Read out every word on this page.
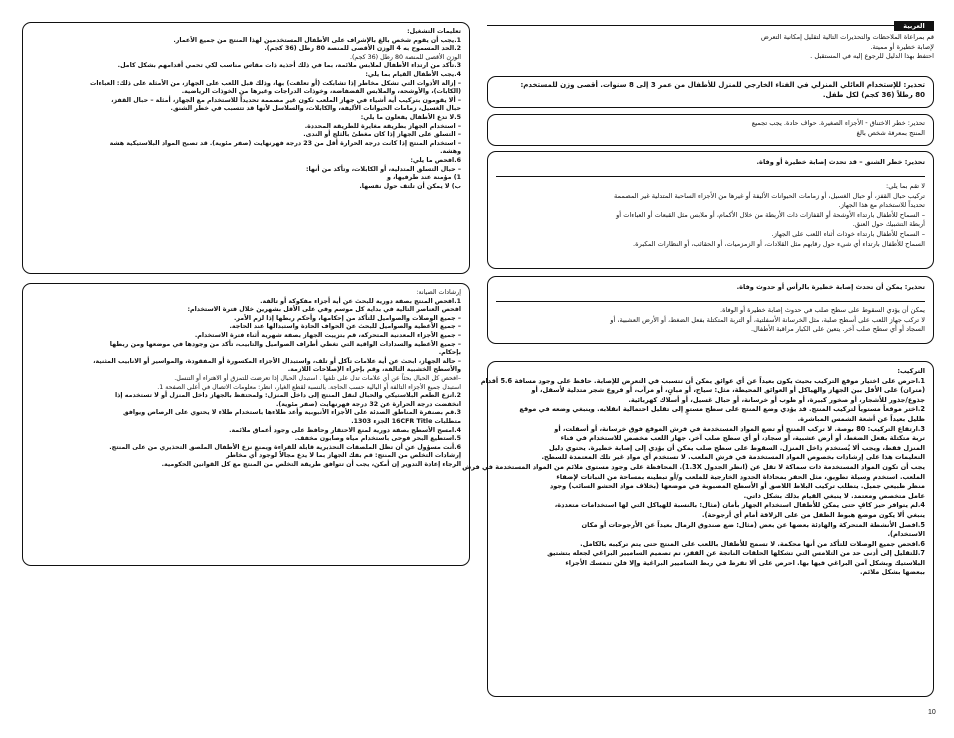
العربية
قم بمراعاة الملاحظات والتحذيرات التالية لتقليل إمكانية التعرض
لإصابة خطيرة أو مميتة.
احتفظ بهذا الدليل للرجوع إليه في المستقبل .
تحذير: للإستخدام العائلي المنزلي في الفناء الخارجي للمنزل للأطفال من عمر 3 إلى 8 سنوات. أقصى وزن للمستخدم:
80 رطلاً (36 كجم) لكل طفل.
تحذير: خطر الاختناق - الأجزاء الصغيرة. حواف حادة. يجب تجميع
المنتج بمعرفة شخص بالغ
تحذير: خطر الشنق – قد تحدث إصابة خطيرة أو وفاة.
لا تقم بما يلي:
تركيب حبال القفز، أو حبال الغسيل، أو زمامات الحيوانات الأليفة أو غيرها من الأجزاء الساحبة المتدلية غير المصممة
تحديداً للاستخدام مع هذا الجهاز.
– السماح للأطفال بارتداء الأوشحة أو القفازات ذات الأربطة من خلال الأكمام، أو ملابس مثل القبعات أو العباءات أو
أربطة التشبيك حول العنق.
– السماح للأطفال بارتداء خوذات أثناء اللعب على الجهاز.
السماح للأطفال بارتداء أي شيء حول رقابهم مثل القلادات، أو الزمزميات، أو الحقائب، أو النظارات المكبرة.
تحذير: يمكن أن تحدث إصابة خطيرة بالرأس أو حدوث وفاة.
يمكن أن يؤدي السقوط على سطح صلب في حدوث إصابة خطيرة أو الوفاة.
لا تركب جهاز اللعب على أسطح صلبة، مثل الخرسانة الأسفلتية، أو التربة المتكتلة بفعل الضغط، أو الأرض العشبية، أو
السجاد أو أي سطح صلب آخر. يتعين على الكبار مراقبة الأطفال.
التركيب:
1.احرص على اختيار موقع التركيب بحيث يكون بعيداً عن أي عوائق يمكن أن تتسبب في التعرض للإصابة. حافظ على وجود مسافة 5.6 أقدام
(متران) على الأقل بين الجهاز والهياكل أو العوائق المحيطة، مثل: سياج، أو مبانٍ، أو مرآب، أو فروع شجر متدلية لأسفل، أو
جذوع/جذور للأشجار، أو صخور كبيرة، أو طوب أو خرسانة، أو حبال غسيل، أو أسلاك كهربائية.
2.اختر موقعاً مستوياً لتركيب المنتج. قد يؤدي وضع المنتج على سطح مستوٍ إلى تقليل احتمالية انقلابه. وينبغي وضعه في موقع
ظليل بعيداً عن أشعة الشمس المباشرة.
3.ارتفاع التركيب: 80 بوصة. لا تركب المنتج أو تضع المواد المستخدمة في فرش الموقع فوق خرسانة، أو أسفلت، أو
تربة متكتلة بفعل الضغط، أو أرض عشبية، أو سجاد، أو أي سطح صلب آخر. جهاز اللعب مخصص للاستخدام في فناء
المنزل فقط، ويجب ألا يُستخدم داخل المنزل. السقوط على سطح صلب يمكن أن يؤدي إلى إصابة خطيرة. يحتوي دليل
التعليمات هذا على إرشادات بخصوص المواد المستخدمة في فرش الملعب. لا تستخدم أي مواد غير تلك المعتمدة للسطح.
يجب أن تكون المواد المستخدمة ذات سماكة لا تقل عن (انظر الجدول 1.3X). المحافظة على وجود مستوى ملائم من المواد المستخدمة في فرش
الملعب. استخدم وسيلة تطويق، مثل الحفر بمحاذاة الحدود الخارجية للملعب و/أو تبطينه بمساحة من النباتات لإضفاء
منظر طبيعي جميل. يتطلب تركيب البلاط اللاصق أو الأسطح المصبوبة في موضعها (بخلاف مواد الحشو السائب) وجود
عامل متخصص ومعتمد. لا ينبغي القيام بذلك بشكل ذاتي.
4.لم يتوافر حيز كافٍ حتى يمكن للأطفال استخدام الجهاز بأمان (مثال: بالنسبة للهياكل التي لها استخدامات متعددة،
ينبغي ألا يكون موضع هبوط الطفل من على الزلاقة أمام أي أرجوحة).
5.افصل الأنشطة المتحركة والهادئة بعضها عن بعض (مثال: ضع صندوق الرمال بعيداً عن الأرجوحات أو مكان
الاستخدام).
6.افحص جميع الوصلات للتأكد من أنها محكمة. لا تسمح للأطفال باللعب على المنتج حتى يتم تركيبه بالكامل.
7.للتقليل إلى أدنى حد من التلامس التي تشكلها الحلقات الناتجة عن القفز، تم تصميم الساميير البراغي لجعله بتشتيق
البلاستيك وبشكل آمن البراغي فيها بها. احرص على ألا تفرط في ربط الساميير البراغية وإلا فلن تتمسك الأجزاء
ببعضها بشكل ملائم.
تعليمات التشغيل:
1.يجب أن يقوم شخص بالغ بالإشراف على الأطفال المستخدمين لهذا المنتج من جميع الأعمار.
2.الحد المسموح به 4 الوزن الأقصى للمنصة 80 رطل (36 كجم).
الوزن الأقصى للمنصة 80 رطل (36 كجم).
3.تأكد من ارتداء الأطفال لملابس ملائمة، بما في ذلك أحذية ذات مقاس مناسب لكي تحمي أقدامهم بشكل كامل.
4.يجب الأطفال القيام بما يلي:
– إزالة الأدوات التي تشكل مخاطر إذا تشابكت (أو تعلقت) بها، وذلك قبل اللعب على الجهاز، من الأمثلة على ذلك: العباءات
(الكابات)، والأوشحة، والملابس الفضفاضة، وخوذات الدراجات وغيرها من الخوذات الرياضية.
– ألا يقومون بتركيب أية أشياء في جهاز الملعب تكون غير مصممة تحديداً للاستخدام مع الجهاز، أمثلة – حبال القفز،
حبال الغسيل، زمامات الحيوانات الأليفة، والكابلات، والسلاسل لأنها قد تتسبب في خطر الشنق.
5.لا تدع الأطفال يفعلون ما يلي:
– استخدام الجهاز بطريقة مغايرة للطريقة المحددة.
– التسلق على الجهاز إذا كان مغطىً بالثلج أو الندى.
– استخدام المنتج إذا كانت درجة الحرارة أقل من 23 درجة فهرنهايت (صفر مئوية). قد تصبح المواد البلاستيكية هشة
وهشة.
6.افحص ما يلي:
– حبال التسلق المتدلية، أو الكابلات، وتأكد من أنها:
1) مؤمنة عند طرفيها، و
ب) لا يمكن أن تلتف حول نفسها.
إرشادات الصيانة:
1.افحص المنتج بصفة دورية للبحث عن أية أجزاء مفكوكة أو تالفة.
افحص العناصر التالية في بداية كل موسم وفي على الأقل بشهرين خلال فترة الاستخدام:
– جميع الوصلات والصواميل للتأكد من إحكامها، وأحكم ربطها إذا لزم الأمر.
– جميع الأغطية والصواميل للبحث عن الحواف الحادة واستبدالها عند الحاجة.
– جميع الأجزاء المعدنية المتحركة، قم بتزييت الجهاز بصفة شهرية أثناء فترة الاستخدام.
– جميع الأغطية والسدادات الواقية التي تغطي أطراف الصواميل والتابيب، تأكد من وجودها في موضعها ومن ربطها
بإحكام.
– حالة الجهاز، ابحث عن أية علامات تآكل أو تلف، واستبدال الأجزاء المكسورة أو المفقودة، والمواسير أو الانابيب المثنية،
والأسطح الخشبية التالفة، وقم بإجراء الإصلاحات اللازمة.
–افحص كل الحبال بحثاً عن أي علامات تدل على تلفها . استبدل الحبال إذا تعرضت للتمزق أو الاهتراء أو التنسل.
استبدل جميع الأجزاء التالفة أو البالية حسب الحاجة. بالنسبة لقطع الغيار، انظر: معلومات الاتصال في أعلى الصفحة 1.
2.انزع الطعم البلاستيكي والحبال لنقل المنتج إلى داخل المنزل: ولمحتفظ بالجهاز داخل المنزل أو لا تستخدمه إذا
انخفضت درجة الحرارة عن 32 درجة فهرنهايت (صفر مئوية).
3.قم بصنفرة المناطق الصدئة على الأجزاء الأنبوبية وأعد طلاءها باستخدام طلاء لا يحتوي على الرصاص ويوافق
متطلبات 16CFR Title الجزء 1303.
4.امسح الأسطح بصفة دورية لمنع الاحتقار وحافظ على وجود أعماق ملائمة.
5.استطيع البحر فوحى باستخدام مياه وصابون مخفف.
6.أنت مسؤول عن أن تظل الملصقات التحذيرية قابلة للقراءة ويمنع نزع الأطفال الملصق التحذيري من على المنتج.
إرشادات التخلص من المنتج: قم بفك الجهاز بما لا يدع مجالاً لوجود أي مخاطر
الرجاء إعادة التدوير إن أمكن، يجب أن تتوافق طريقة التخلص من المنتج مع كل القوانين الحكومية.
10
